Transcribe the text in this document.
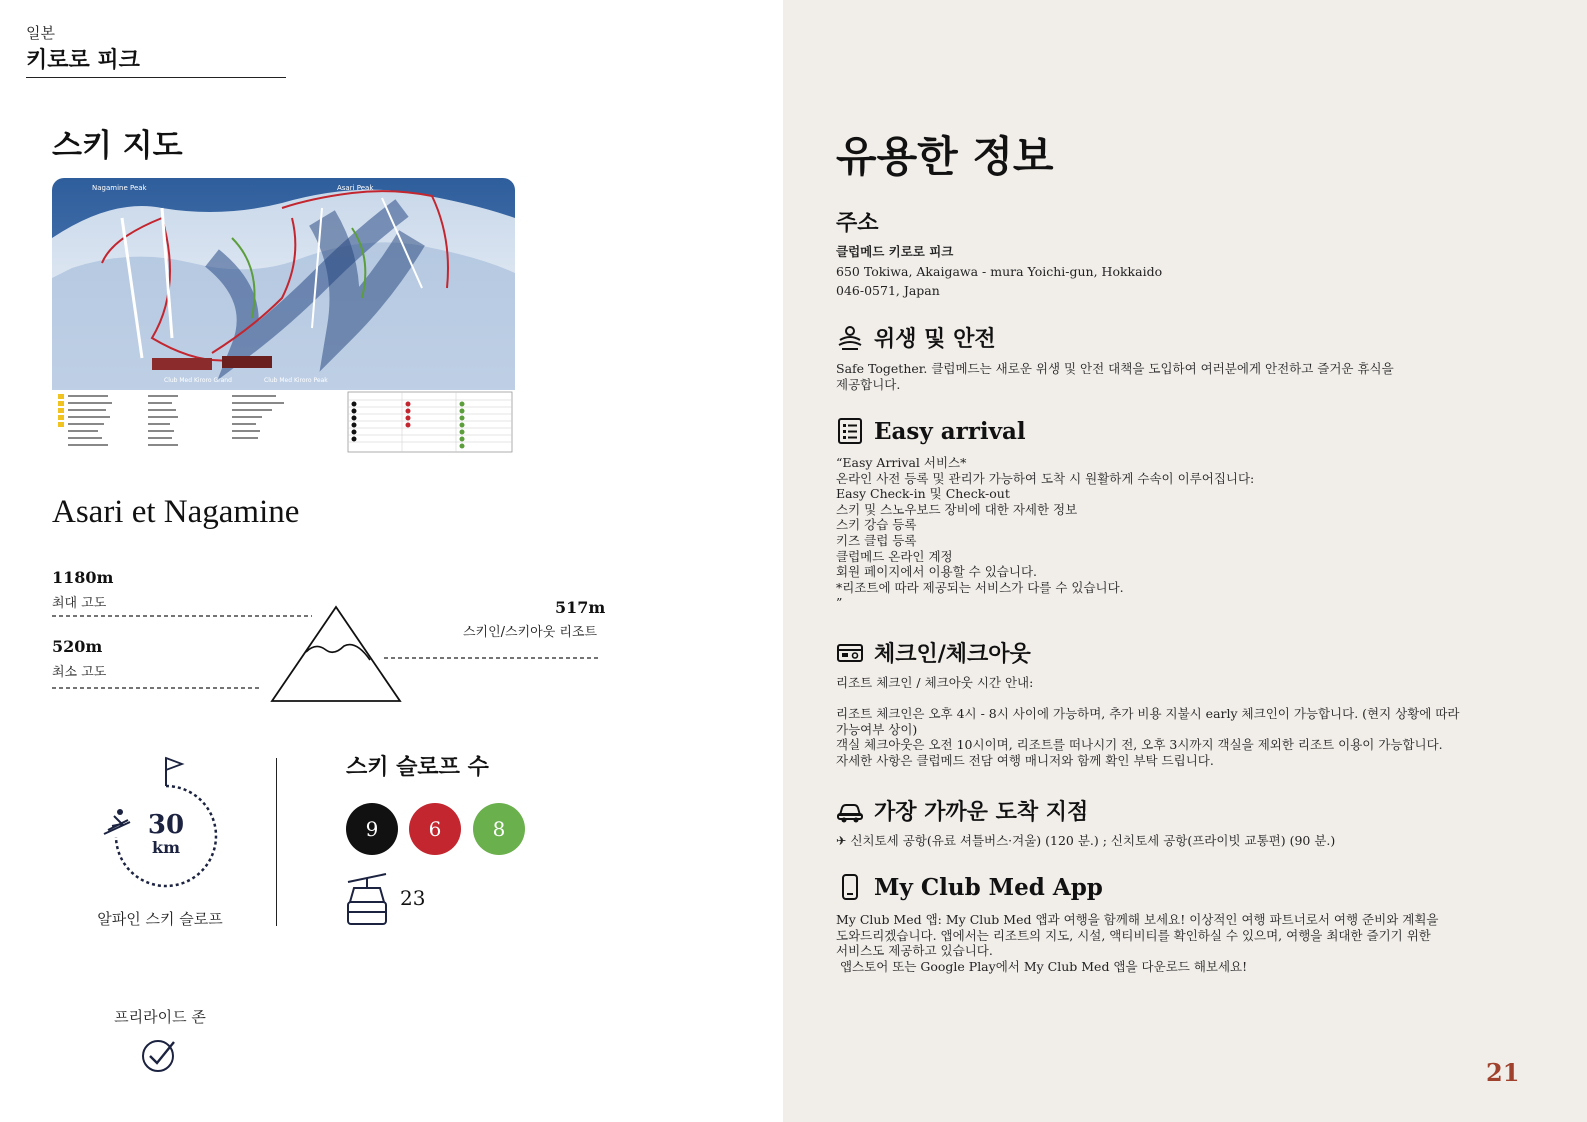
일본
키로로 피크
스키 지도
Nagamine Peak	Asari Peak
Club Med Kiroro Grand	Club Med Kiroro Peak
Asari et Nagamine
1180m
최대 고도	517m
스키인/스키아웃 리조트
520m
최소 고도
30
km
알파인 스키 슬로프
스키 슬로프 수
9	6	8
23
프리라이드 존
유용한 정보
주소
클럽메드 키로로 피크
650 Tokiwa, Akaigawa - mura Yoichi-gun, Hokkaido
046-0571, Japan
위생 및 안전
Safe Together. 클럽메드는 새로운 위생 및 안전 대책을 도입하여 여러분에게 안전하고 즐거운 휴식을
제공합니다.
Easy arrival
“Easy Arrival 서비스*
온라인 사전 등록 및 관리가 가능하여 도착 시 원활하게 수속이 이루어집니다:
Easy Check-in 및 Check-out
스키 및 스노우보드 장비에 대한 자세한 정보
스키 강습 등록
키즈 클럽 등록
클럽메드 온라인 계정
회원 페이지에서 이용할 수 있습니다.
*리조트에 따라 제공되는 서비스가 다를 수 있습니다.
”
체크인/체크아웃
리조트 체크인 / 체크아웃 시간 안내:
리조트 체크인은 오후 4시 - 8시 사이에 가능하며, 추가 비용 지불시 early 체크인이 가능합니다. (현지 상황에 따라
가능여부 상이)
객실 체크아웃은 오전 10시이며, 리조트를 떠나시기 전, 오후 3시까지 객실을 제외한 리조트 이용이 가능합니다.
자세한 사항은 클럽메드 전담 여행 매니저와 함께 확인 부탁 드립니다.
가장 가까운 도착 지점
✈ 신치토세 공항(유료 셔틀버스·겨울) (120 분.) ; 신치토세 공항(프라이빗 교통편) (90 분.)
My Club Med App
My Club Med 앱: My Club Med 앱과 여행을 함께해 보세요! 이상적인 여행 파트너로서 여행 준비와 계획을
도와드리겠습니다. 앱에서는 리조트의 지도, 시설, 액티비티를 확인하실 수 있으며, 여행을 최대한 즐기기 위한
서비스도 제공하고 있습니다.
앱스토어 또는 Google Play에서 My Club Med 앱을 다운로드 해보세요!
21
